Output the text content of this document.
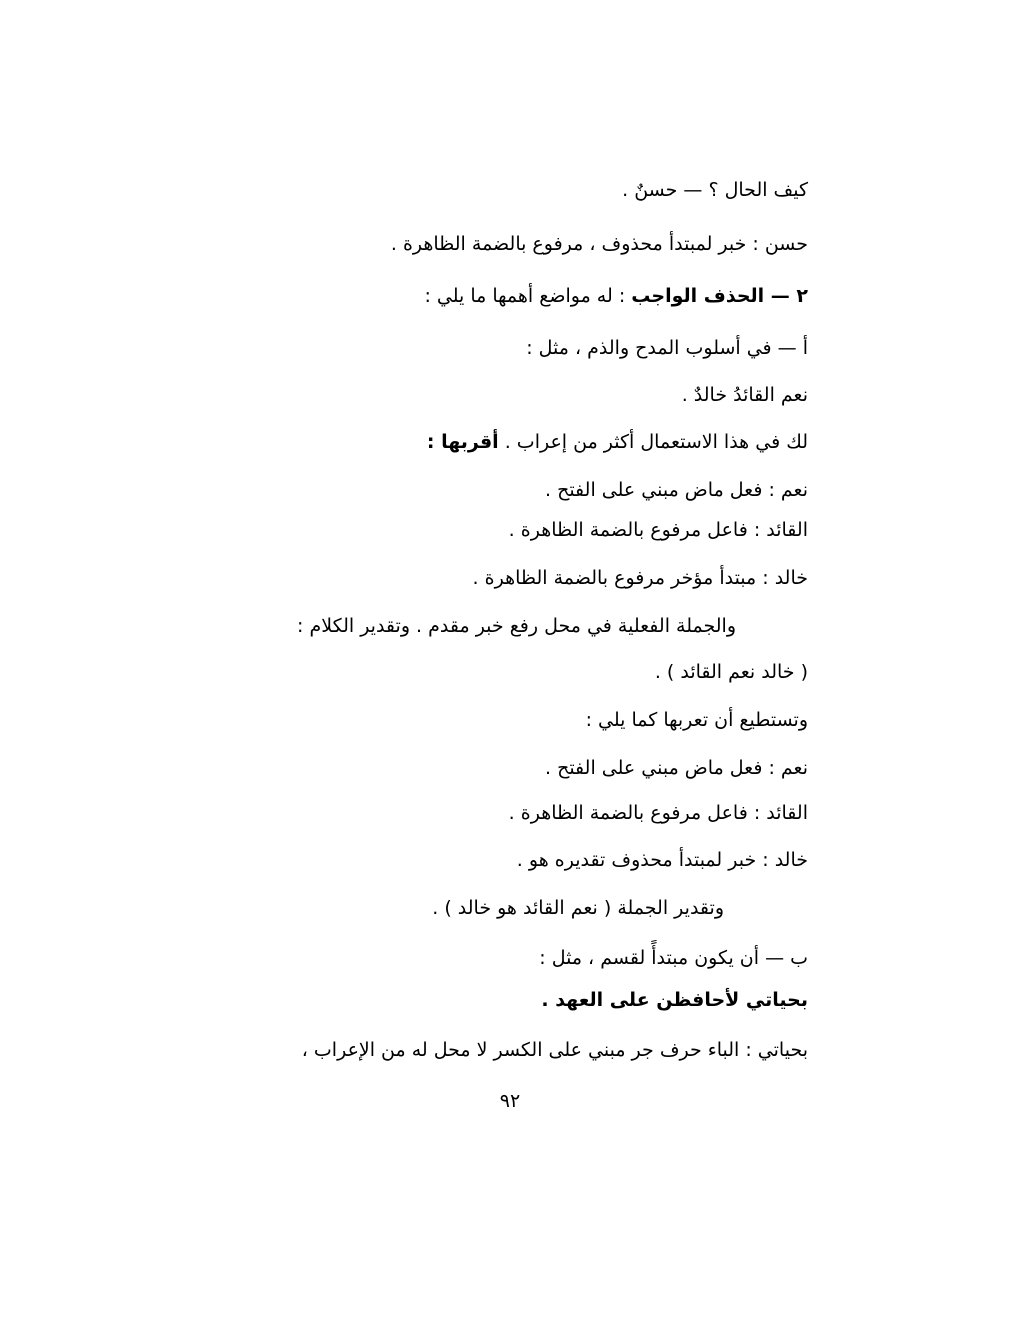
كيف الحال ؟ — حسنٌ .
حسن : خبر لمبتدأ محذوف ، مرفوع بالضمة الظاهرة .
٢ — الحذف الواجب : له مواضع أهمها ما يلي :
أ — في أسلوب المدح والذم ، مثل :
نعم القائدُ خالدٌ .
لك في هذا الاستعمال أكثر من إعراب . أقربها :
نعم : فعل ماض مبني على الفتح .
القائد : فاعل مرفوع بالضمة الظاهرة .
خالد : مبتدأ مؤخر مرفوع بالضمة الظاهرة .
والجملة الفعلية في محل رفع خبر مقدم . وتقدير الكلام :
( خالد نعم القائد ) .
وتستطيع أن تعربها كما يلي :
نعم : فعل ماض مبني على الفتح .
القائد : فاعل مرفوع بالضمة الظاهرة .
خالد : خبر لمبتدأ محذوف تقديره هو .
وتقدير الجملة ( نعم القائد هو خالد ) .
ب — أن يكون مبتدأً لقسم ، مثل :
بحياتي لأحافظن على العهد .
بحياتي : الباء حرف جر مبني على الكسر لا محل له من الإعراب ،
٩٢
